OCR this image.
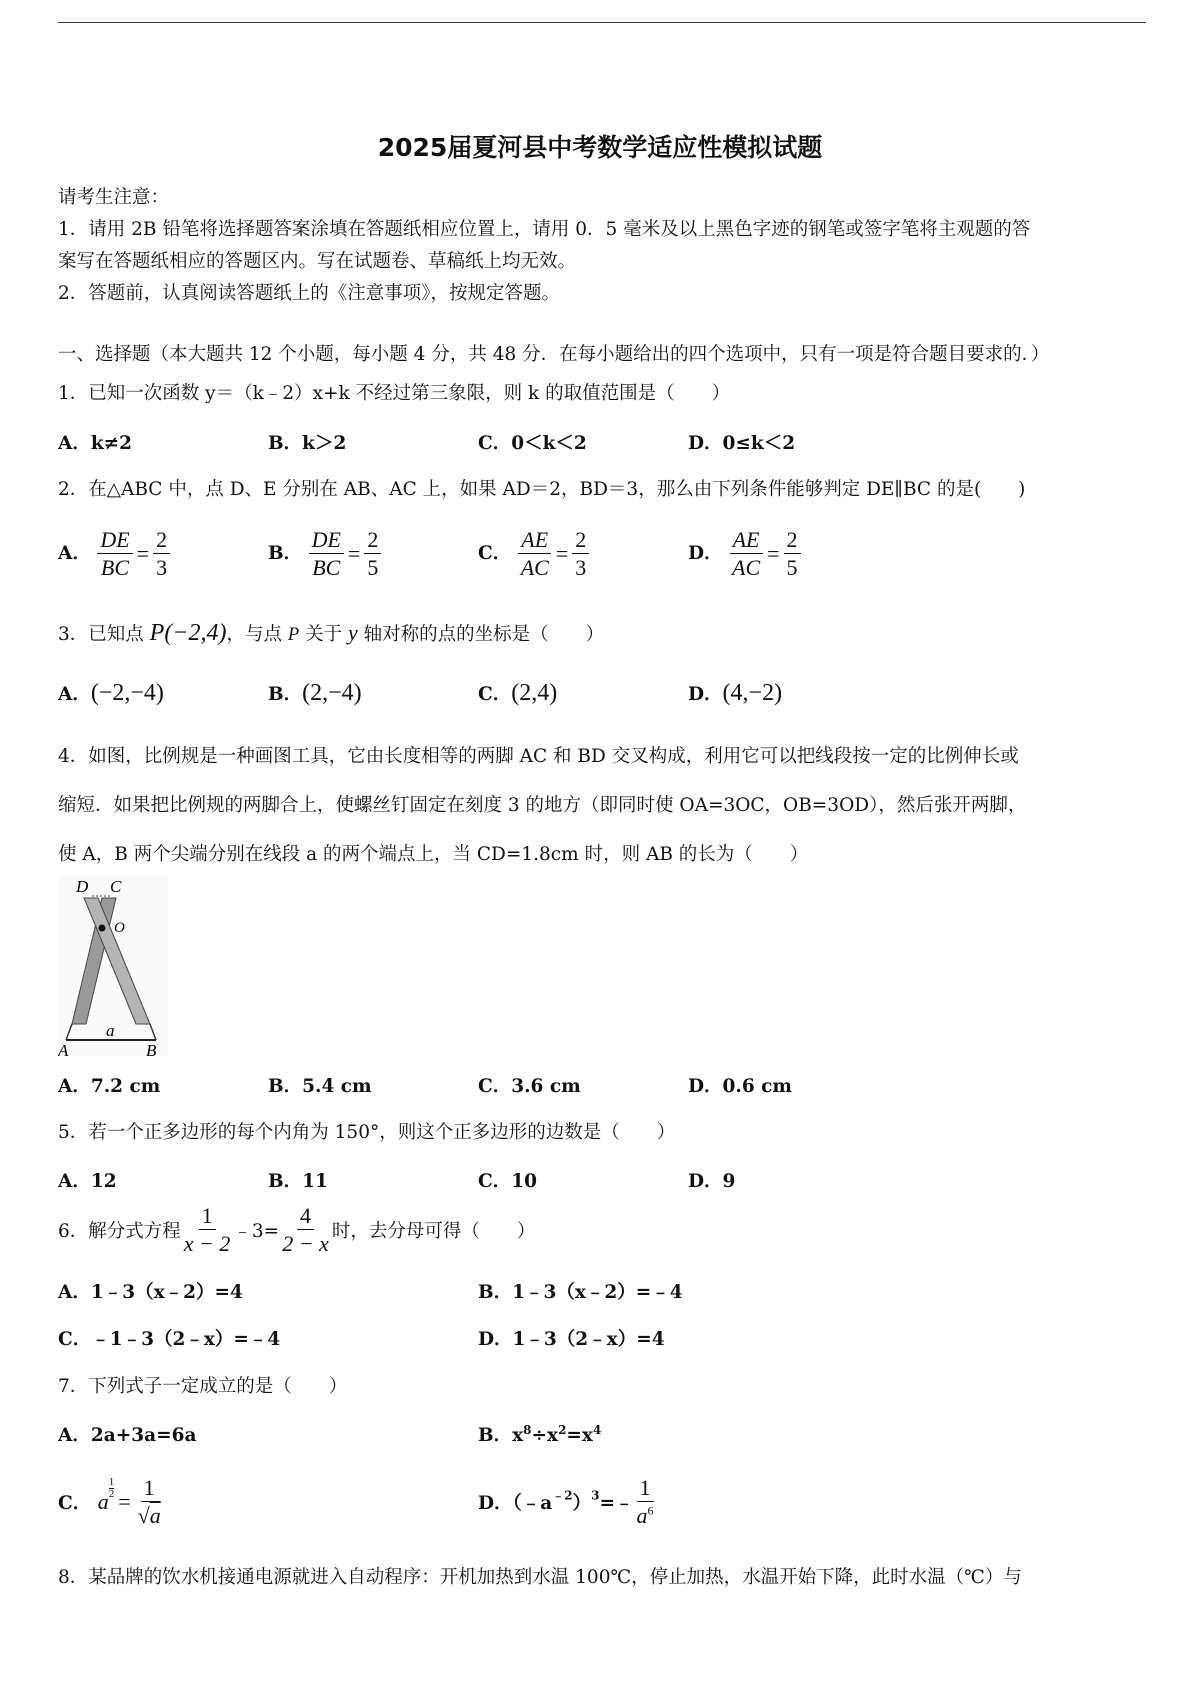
2025届夏河县中考数学适应性模拟试题
请考生注意：
1．请用 2B 铅笔将选择题答案涂填在答题纸相应位置上，请用 0．5 毫米及以上黑色字迹的钢笔或签字笔将主观题的答
案写在答题纸相应的答题区内。写在试题卷、草稿纸上均无效。
2．答题前，认真阅读答题纸上的《注意事项》，按规定答题。
一、选择题（本大题共 12 个小题，每小题 4 分，共 48 分．在每小题给出的四个选项中，只有一项是符合题目要求的．）
1．已知一次函数 y＝（k﹣2）x+k 不经过第三象限，则 k 的取值范围是（　　）
A．k≠2	B．k＞2	C．0＜k＜2	D．0≤k＜2
2．在△ABC 中，点 D、E 分别在 AB、AC 上，如果 AD＝2，BD＝3，那么由下列条件能够判定 DE∥BC 的是(　　)
A． $\frac{DE}{BC} = \frac{2}{3}$	B． $\frac{DE}{BC} = \frac{2}{5}$	C． $\frac{AE}{AC} = \frac{2}{3}$	D． $\frac{AE}{AC} = \frac{2}{5}$
3．已知点 P(−2,4)，与点 P 关于 y 轴对称的点的坐标是（　　）
A．(−2,−4)	B．(2,−4)	C．(2,4)	D．(4,−2)
4．如图，比例规是一种画图工具，它由长度相等的两脚 AC 和 BD 交叉构成，利用它可以把线段按一定的比例伸长或
缩短．如果把比例规的两脚合上，使螺丝钉固定在刻度 3 的地方（即同时使 OA=3OC，OB=3OD），然后张开两脚，
使 A，B 两个尖端分别在线段 a 的两个端点上，当 CD=1.8cm 时，则 AB 的长为（　　）
D C
O
a
A	B
A．7.2 cm	B．5.4 cm	C．3.6 cm	D．0.6 cm
5．若一个正多边形的每个内角为 150°，则这个正多边形的边数是（　　）
A．12	B．11	C．10	D．9
6．解分式方程 $\frac{1}{x - 2}$ ﹣3= $\frac{4}{2 - x}$ 时，去分母可得（　　）
A．1﹣3（x﹣2）=4	B．1﹣3（x﹣2）=﹣4
C．﹣1﹣3（2﹣x）=﹣4	D．1﹣3（2﹣x）=4
7．下列式子一定成立的是（　　）
A．2a+3a=6a	B．$x^8\div x^2=x^4$
C． a
$\frac{1}{2}$
= $\frac{1}{√a}$	D．$(﹣a^{﹣2})^3=﹣ \frac{1}{a^6}$
8．某品牌的饮水机接通电源就进入自动程序：开机加热到水温 100℃，停止加热，水温开始下降，此时水温（℃）与
